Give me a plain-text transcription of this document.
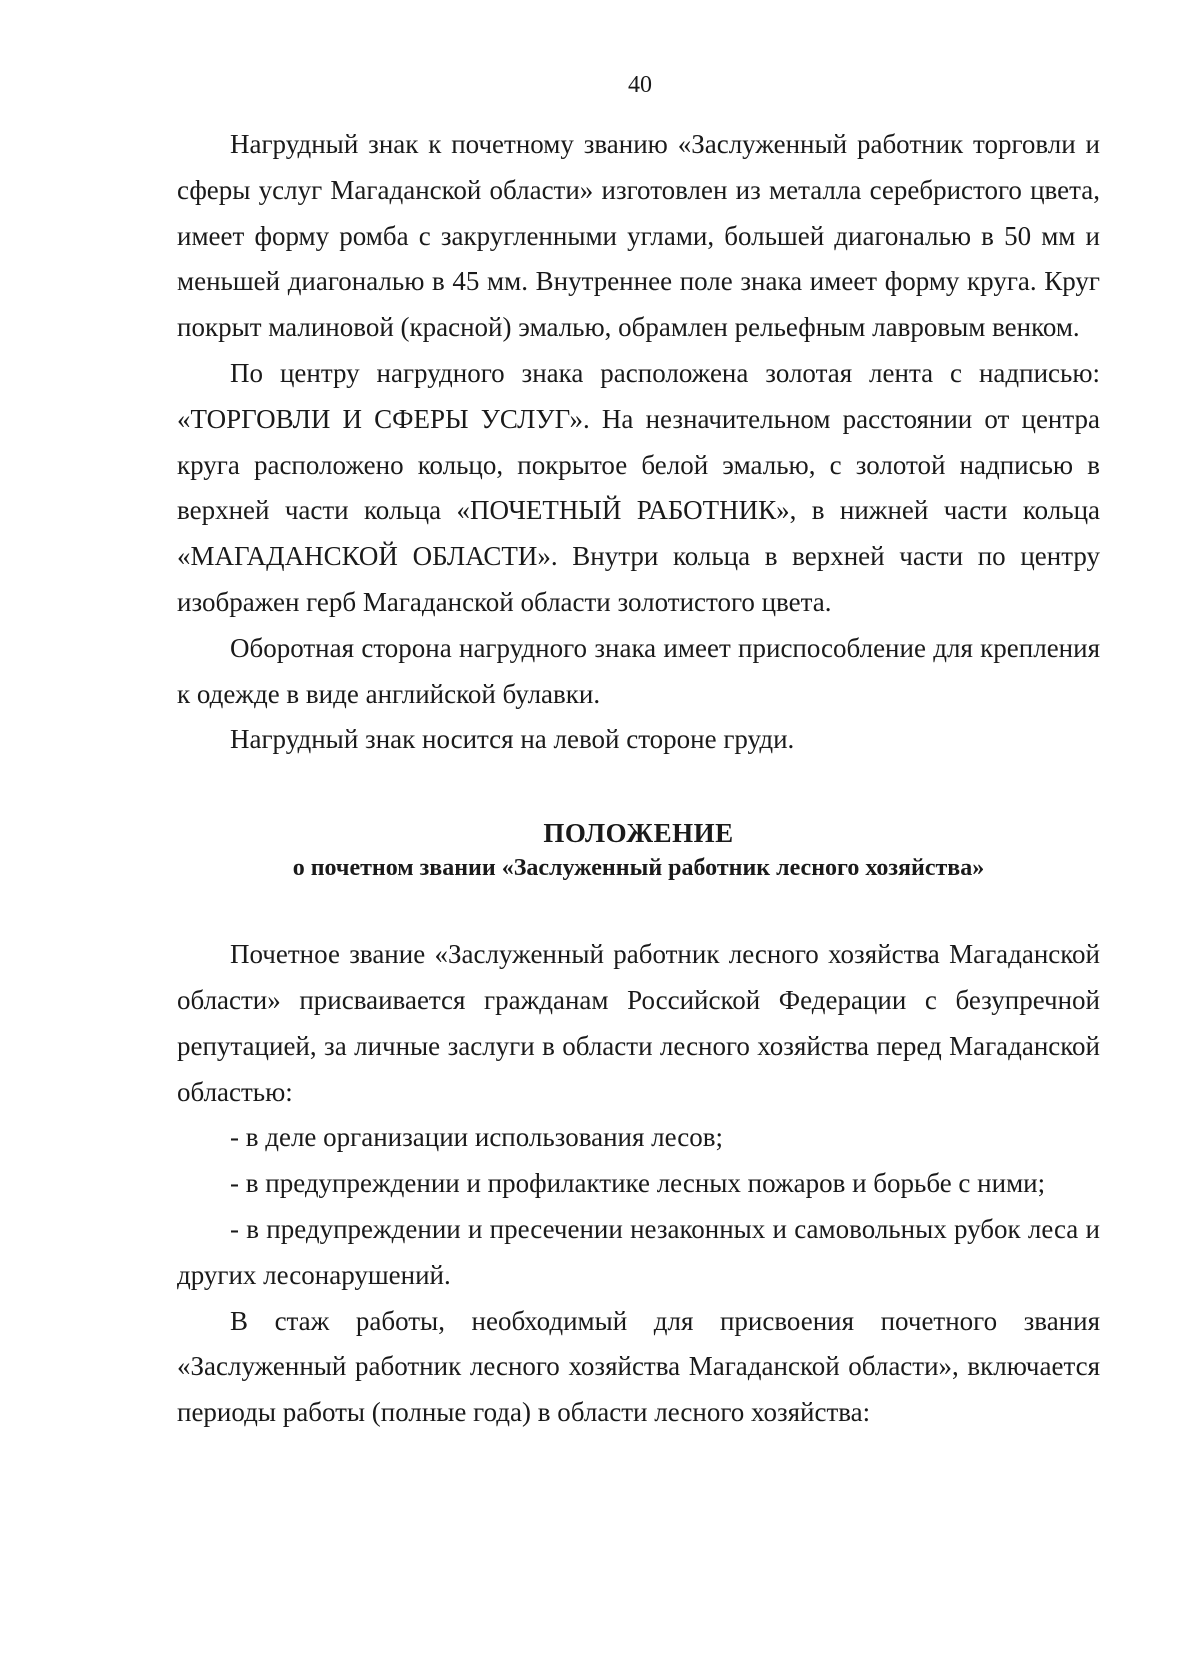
40

Нагрудный знак к почетному званию «Заслуженный работник торговли и сферы услуг Магаданской области» изготовлен из металла серебристого цвета, имеет форму ромба с закругленными углами, большей диагональю в 50 мм и меньшей диагональю в 45 мм. Внутреннее поле знака имеет форму круга. Круг покрыт малиновой (красной) эмалью, обрамлен рельефным лавровым венком.

По центру нагрудного знака расположена золотая лента с надписью: «ТОРГОВЛИ И СФЕРЫ УСЛУГ». На незначительном расстоянии от центра круга расположено кольцо, покрытое белой эмалью, с золотой надписью в верхней части кольца «ПОЧЕТНЫЙ РАБОТНИК», в нижней части кольца «МАГАДАНСКОЙ ОБЛАСТИ». Внутри кольца в верхней части по центру изображен герб Магаданской области золотистого цвета.

Оборотная сторона нагрудного знака имеет приспособление для крепления к одежде в виде английской булавки.

Нагрудный знак носится на левой стороне груди.

ПОЛОЖЕНИЕ

о почетном звании «Заслуженный работник лесного хозяйства»

Почетное звание «Заслуженный работник лесного хозяйства Магаданской области» присваивается гражданам Российской Федерации с безупречной репутацией, за личные заслуги в области лесного хозяйства перед Магаданской областью:

- в деле организации использования лесов;

- в предупреждении и профилактике лесных пожаров и борьбе с ними;

- в предупреждении и пресечении незаконных и самовольных рубок леса и других лесонарушений.

В стаж работы, необходимый для присвоения почетного звания «Заслуженный работник лесного хозяйства Магаданской области», включается периоды работы (полные года) в области лесного хозяйства:
